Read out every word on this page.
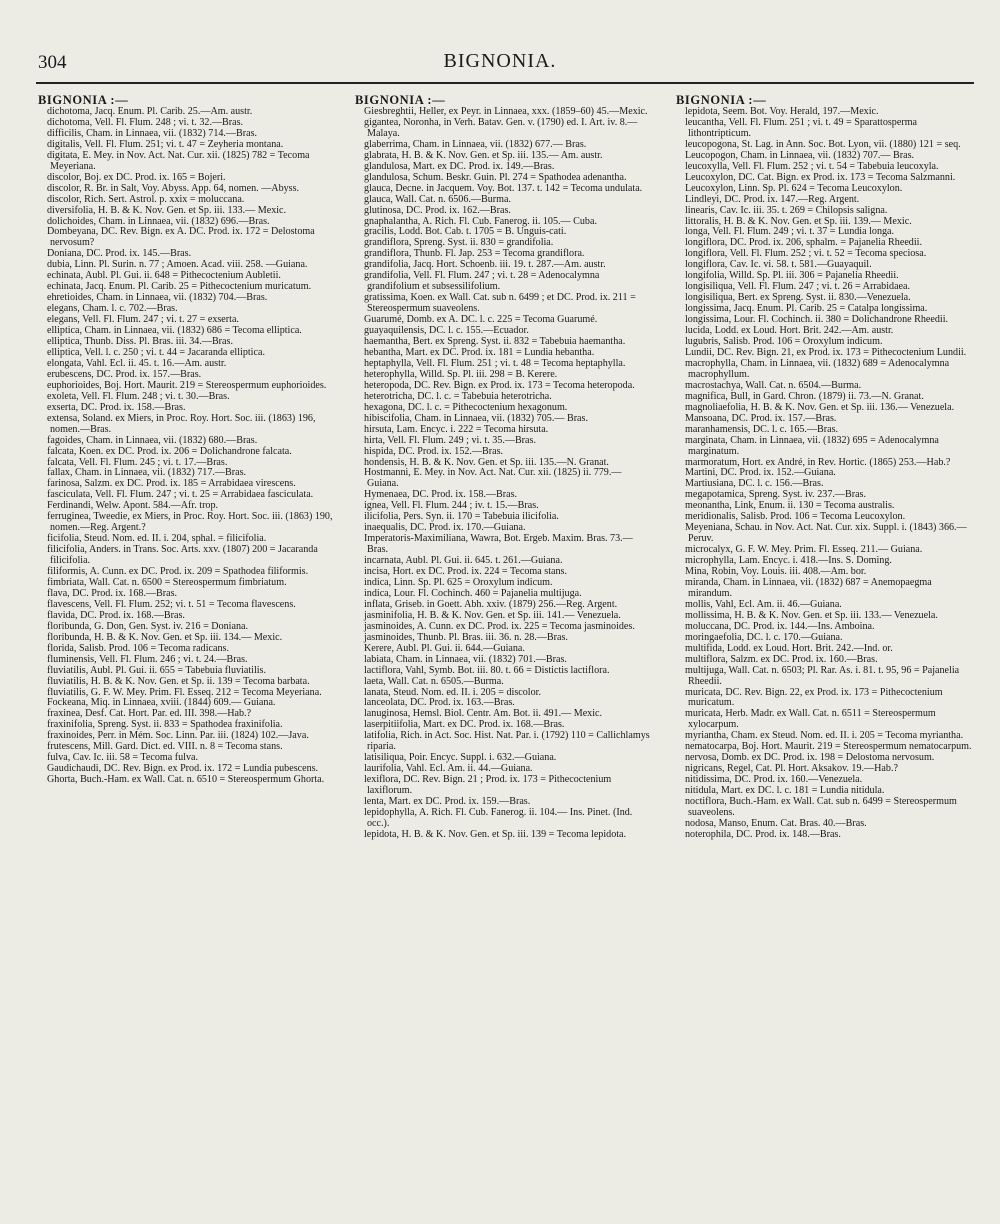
304	BIGNONIA.
BIGNONIA :—
dichotoma, Jacq. Enum. Pl. Carib. 25.—Am. austr.
dichotoma, Vell. Fl. Flum. 248 ; vi. t. 32.—Bras.
difficilis, Cham. in Linnaea, vii. (1832) 714.—Bras.
digitalis, Vell. Fl. Flum. 251; vi. t. 47 = Zeyheria montana.
digitata, E. Mey. in Nov. Act. Nat. Cur. xii. (1825) 782 = Tecoma Meyeriana.
discolor, Boj. ex DC. Prod. ix. 165 = Bojeri.
discolor, R. Br. in Salt, Voy. Abyss. App. 64, nomen. —Abyss.
discolor, Rich. Sert. Astrol. p. xxix = moluccana.
diversifolia, H. B. & K. Nov. Gen. et Sp. iii. 133.— Mexic.
dolichoides, Cham. in Linnaea, vii. (1832) 696.—Bras.
Dombeyana, DC. Rev. Bign. ex A. DC. Prod. ix. 172 = Delostoma nervosum?
Doniana, DC. Prod. ix. 145.—Bras.
dubia, Linn. Pl. Surin. n. 77 ; Amoen. Acad. viii. 258. —Guiana.
echinata, Aubl. Pl. Gui. ii. 648 = Pithecoctenium Aubletii.
echinata, Jacq. Enum. Pl. Carib. 25 = Pithecoctenium muricatum.
ehretioides, Cham. in Linnaea, vii. (1832) 704.—Bras.
elegans, Cham. l. c. 702.—Bras.
elegans, Vell. Fl. Flum. 247 ; vi. t. 27 = exserta.
elliptica, Cham. in Linnaea, vii. (1832) 686 = Tecoma elliptica.
elliptica, Thunb. Diss. Pl. Bras. iii. 34.—Bras.
elliptica, Vell. l. c. 250 ; vi. t. 44 = Jacaranda elliptica.
elongata, Vahl. Ecl. ii. 45. t. 16.—Am. austr.
erubescens, DC. Prod. ix. 157.—Bras.
euphorioides, Boj. Hort. Maurit. 219 = Stereospermum euphorioides.
exoleta, Vell. Fl. Flum. 248 ; vi. t. 30.—Bras.
exserta, DC. Prod. ix. 158.—Bras.
extensa, Soland. ex Miers, in Proc. Roy. Hort. Soc. iii. (1863) 196, nomen.—Bras.
fagoides, Cham. in Linnaea, vii. (1832) 680.—Bras.
falcata, Koen. ex DC. Prod. ix. 206 = Dolichandrone falcata.
falcata, Vell. Fl. Flum. 245 ; vi. t. 17.—Bras.
fallax, Cham. in Linnaea, vii. (1832) 717.—Bras.
farinosa, Salzm. ex DC. Prod. ix. 185 = Arrabidaea virescens.
fasciculata, Vell. Fl. Flum. 247 ; vi. t. 25 = Arrabidaea fasciculata.
Ferdinandi, Welw. Apont. 584.—Afr. trop.
ferruginea, Tweedie, ex Miers, in Proc. Roy. Hort. Soc. iii. (1863) 190, nomen.—Reg. Argent.?
ficifolia, Steud. Nom. ed. II. i. 204, sphal. = filicifolia.
filicifolia, Anders. in Trans. Soc. Arts. xxv. (1807) 200 = Jacaranda filicifolia.
filiformis, A. Cunn. ex DC. Prod. ix. 209 = Spathodea filiformis.
fimbriata, Wall. Cat. n. 6500 = Stereospermum fimbriatum.
flava, DC. Prod. ix. 168.—Bras.
flavescens, Vell. Fl. Flum. 252; vi. t. 51 = Tecoma flavescens.
flavida, DC. Prod. ix. 168.—Bras.
floribunda, G. Don, Gen. Syst. iv. 216 = Doniana.
floribunda, H. B. & K. Nov. Gen. et Sp. iii. 134.— Mexic.
florida, Salisb. Prod. 106 = Tecoma radicans.
fluminensis, Vell. Fl. Flum. 246 ; vi. t. 24.—Bras.
fluviatilis, Aubl. Pl. Gui. ii. 655 = Tabebuia fluviatilis.
fluviatilis, H. B. & K. Nov. Gen. et Sp. ii. 139 = Tecoma barbata.
fluviatilis, G. F. W. Mey. Prim. Fl. Esseq. 212 = Tecoma Meyeriana.
Fockeana, Miq. in Linnaea, xviii. (1844) 609.— Guiana.
fraxinea, Desf. Cat. Hort. Par. ed. III. 398.—Hab.?
fraxinifolia, Spreng. Syst. ii. 833 = Spathodea fraxinifolia.
fraxinoides, Perr. in Mém. Soc. Linn. Par. iii. (1824) 102.—Java.
frutescens, Mill. Gard. Dict. ed. VIII. n. 8 = Tecoma stans.
fulva, Cav. Ic. iii. 58 = Tecoma fulva.
Gaudichaudi, DC. Rev. Bign. ex Prod. ix. 172 = Lundia pubescens.
Ghorta, Buch.-Ham. ex Wall. Cat. n. 6510 = Stereospermum Ghorta.
BIGNONIA :—
Giesbreghtii, Heller, ex Peyr. in Linnaea, xxx. (1859–60) 45.—Mexic.
gigantea, Noronha, in Verh. Batav. Gen. v. (1790) ed. I. Art. iv. 8.—Malaya.
glaberrima, Cham. in Linnaea, vii. (1832) 677.— Bras.
glabrata, H. B. & K. Nov. Gen. et Sp. iii. 135.— Am. austr.
glandulosa, Mart. ex DC. Prod. ix. 149.—Bras.
glandulosa, Schum. Beskr. Guin. Pl. 274 = Spathodea adenantha.
glauca, Decne. in Jacquem. Voy. Bot. 137. t. 142 = Tecoma undulata.
glauca, Wall. Cat. n. 6506.—Burma.
glutinosa, DC. Prod. ix. 162.—Bras.
gnaphalantha, A. Rich. Fl. Cub. Fanerog. ii. 105.— Cuba.
gracilis, Lodd. Bot. Cab. t. 1705 = B. Unguis-cati.
grandiflora, Spreng. Syst. ii. 830 = grandifolia.
grandiflora, Thunb. Fl. Jap. 253 = Tecoma grandiflora.
grandifolia, Jacq. Hort. Schoenb. iii. 19. t. 287.—Am. austr.
grandifolia, Vell. Fl. Flum. 247 ; vi. t. 28 = Adenocalymna grandifolium et subsessilifolium.
gratissima, Koen. ex Wall. Cat. sub n. 6499 ; et DC. Prod. ix. 211 = Stereospermum suaveolens.
Guarumé, Domb. ex A. DC. l. c. 225 = Tecoma Guarumé.
guayaquilensis, DC. l. c. 155.—Ecuador.
haemantha, Bert. ex Spreng. Syst. ii. 832 = Tabebuia haemantha.
hebantha, Mart. ex DC. Prod. ix. 181 = Lundia hebantha.
heptaphylla, Vell. Fl. Flum. 251 ; vi. t. 48 = Tecoma heptaphylla.
heterophylla, Willd. Sp. Pl. iii. 298 = B. Kerere.
heteropoda, DC. Rev. Bign. ex Prod. ix. 173 = Tecoma heteropoda.
heterotricha, DC. l. c. = Tabebuia heterotricha.
hexagona, DC. l. c. = Pithecoctenium hexagonum.
hibiscifolia, Cham. in Linnaea, vii. (1832) 705.— Bras.
hirsuta, Lam. Encyc. i. 222 = Tecoma hirsuta.
hirta, Vell. Fl. Flum. 249 ; vi. t. 35.—Bras.
hispida, DC. Prod. ix. 152.—Bras.
hondensis, H. B. & K. Nov. Gen. et Sp. iii. 135.—N. Granat.
Hostmanni, E. Mey. in Nov. Act. Nat. Cur. xii. (1825) ii. 779.—Guiana.
Hymenaea, DC. Prod. ix. 158.—Bras.
ignea, Vell. Fl. Flum. 244 ; iv. t. 15.—Bras.
ilicifolia, Pers. Syn. ii. 170 = Tabebuia ilicifolia.
inaequalis, DC. Prod. ix. 170.—Guiana.
Imperatoris-Maximiliana, Wawra, Bot. Ergeb. Maxim. Bras. 73.—Bras.
incarnata, Aubl. Pl. Gui. ii. 645. t. 261.—Guiana.
incisa, Hort. ex DC. Prod. ix. 224 = Tecoma stans.
indica, Linn. Sp. Pl. 625 = Oroxylum indicum.
indica, Lour. Fl. Cochinch. 460 = Pajanelia multijuga.
inflata, Griseb. in Goett. Abh. xxiv. (1879) 256.—Reg. Argent.
jasminifolia, H. B. & K. Nov. Gen. et Sp. iii. 141.— Venezuela.
jasminoides, A. Cunn. ex DC. Prod. ix. 225 = Tecoma jasminoides.
jasminoides, Thunb. Pl. Bras. iii. 36. n. 28.—Bras.
Kerere, Aubl. Pl. Gui. ii. 644.—Guiana.
labiata, Cham. in Linnaea, vii. (1832) 701.—Bras.
lactiflora, Vahl, Symb. Bot. iii. 80. t. 66 = Distictis lactiflora.
laeta, Wall. Cat. n. 6505.—Burma.
lanata, Steud. Nom. ed. II. i. 205 = discolor.
lanceolata, DC. Prod. ix. 163.—Bras.
lanuginosa, Hemsl. Biol. Centr. Am. Bot. ii. 491.— Mexic.
laserpitiifolia, Mart. ex DC. Prod. ix. 168.—Bras.
latifolia, Rich. in Act. Soc. Hist. Nat. Par. i. (1792) 110 = Callichlamys riparia.
latisiliqua, Poir. Encyc. Suppl. i. 632.—Guiana.
laurifolia, Vahl. Ecl. Am. ii. 44.—Guiana.
lexiflora, DC. Rev. Bign. 21 ; Prod. ix. 173 = Pithecoctenium laxiflorum.
lenta, Mart. ex DC. Prod. ix. 159.—Bras.
lepidophylla, A. Rich. Fl. Cub. Fanerog. ii. 104.— Ins. Pinet. (Ind. occ.).
lepidota, H. B. & K. Nov. Gen. et Sp. iii. 139 = Tecoma lepidota.
BIGNONIA :—
lepidota, Seem. Bot. Voy. Herald, 197.—Mexic.
leucantha, Vell. Fl. Flum. 251 ; vi. t. 49 = Sparattosperma lithontripticum.
leucopogona, St. Lag. in Ann. Soc. Bot. Lyon, vii. (1880) 121 = seq.
Leucopogon, Cham. in Linnaea, vii. (1832) 707.— Bras.
leucoxylla, Vell. Fl. Flum. 252 ; vi. t. 54 = Tabebuia leucoxyla.
Leucoxylon, DC. Cat. Bign. ex Prod. ix. 173 = Tecoma Salzmanni.
Leucoxylon, Linn. Sp. Pl. 624 = Tecoma Leucoxylon.
Lindleyi, DC. Prod. ix. 147.—Reg. Argent.
linearis, Cav. Ic. iii. 35. t. 269 = Chilopsis saligna.
littoralis, H. B. & K. Nov. Gen. et Sp. iii. 139.— Mexic.
longa, Vell. Fl. Flum. 249 ; vi. t. 37 = Lundia longa.
longiflora, DC. Prod. ix. 206, sphalm. = Pajanelia Rheedii.
longiflora, Vell. Fl. Flum. 252 ; vi. t. 52 = Tecoma speciosa.
longiflora, Cav. Ic. vi. 58. t. 581.—Guayaquil.
longifolia, Willd. Sp. Pl. iii. 306 = Pajanelia Rheedii.
longisiliqua, Vell. Fl. Flum. 247 ; vi. t. 26 = Arrabidaea.
longisiliqua, Bert. ex Spreng. Syst. ii. 830.—Venezuela.
longissima, Jacq. Enum. Pl. Carib. 25 = Catalpa longissima.
longissima, Lour. Fl. Cochinch. ii. 380 = Dolichandrone Rheedii.
lucida, Lodd. ex Loud. Hort. Brit. 242.—Am. austr.
lugubris, Salisb. Prod. 106 = Oroxylum indicum.
Lundii, DC. Rev. Bign. 21, ex Prod. ix. 173 = Pithecoctenium Lundii.
macrophylla, Cham. in Linnaea, vii. (1832) 689 = Adenocalymna macrophyllum.
macrostachya, Wall. Cat. n. 6504.—Burma.
magnifica, Bull, in Gard. Chron. (1879) ii. 73.—N. Granat.
magnoliaefolia, H. B. & K. Nov. Gen. et Sp. iii. 136.— Venezuela.
Mansoana, DC. Prod. ix. 157.—Bras.
maranhamensis, DC. l. c. 165.—Bras.
marginata, Cham. in Linnaea, vii. (1832) 695 = Adenocalymna marginatum.
marmoratum, Hort. ex André, in Rev. Hortic. (1865) 253.—Hab.?
Martini, DC. Prod. ix. 152.—Guiana.
Martiusiana, DC. l. c. 156.—Bras.
megapotamica, Spreng. Syst. iv. 237.—Bras.
meonantha, Link, Enum. ii. 130 = Tecoma australis.
meridionalis, Salisb. Prod. 106 = Tecoma Leucoxylon.
Meyeniana, Schau. in Nov. Act. Nat. Cur. xix. Suppl. i. (1843) 366.—Peruv.
microcalyx, G. F. W. Mey. Prim. Fl. Esseq. 211.— Guiana.
microphylla, Lam. Encyc. i. 418.—Ins. S. Doming.
Mina, Robin, Voy. Louis. iii. 408.—Am. bor.
miranda, Cham. in Linnaea, vii. (1832) 687 = Anemopaegma mirandum.
mollis, Vahl, Ecl. Am. ii. 46.—Guiana.
mollissima, H. B. & K. Nov. Gen. et Sp. iii. 133.— Venezuela.
moluccana, DC. Prod. ix. 144.—Ins. Amboina.
moringaefolia, DC. l. c. 170.—Guiana.
multifida, Lodd. ex Loud. Hort. Brit. 242.—Ind. or.
multiflora, Salzm. ex DC. Prod. ix. 160.—Bras.
multijuga, Wall. Cat. n. 6503; Pl. Rar. As. i. 81. t. 95, 96 = Pajanelia Rheedii.
muricata, DC. Rev. Bign. 22, ex Prod. ix. 173 = Pithecoctenium muricatum.
muricata, Herb. Madr. ex Wall. Cat. n. 6511 = Stereospermum xylocarpum.
myriantha, Cham. ex Steud. Nom. ed. II. i. 205 = Tecoma myriantha.
nematocarpa, Boj. Hort. Maurit. 219 = Stereospermum nematocarpum.
nervosa, Domb. ex DC. Prod. ix. 198 = Delostoma nervosum.
nigricans, Regel, Cat. Pl. Hort. Aksakov. 19.—Hab.?
nitidissima, DC. Prod. ix. 160.—Venezuela.
nitidula, Mart. ex DC. l. c. 181 = Lundia nitidula.
noctiflora, Buch.-Ham. ex Wall. Cat. sub n. 6499 = Stereospermum suaveolens.
nodosa, Manso, Enum. Cat. Bras. 40.—Bras.
noterophila, DC. Prod. ix. 148.—Bras.
